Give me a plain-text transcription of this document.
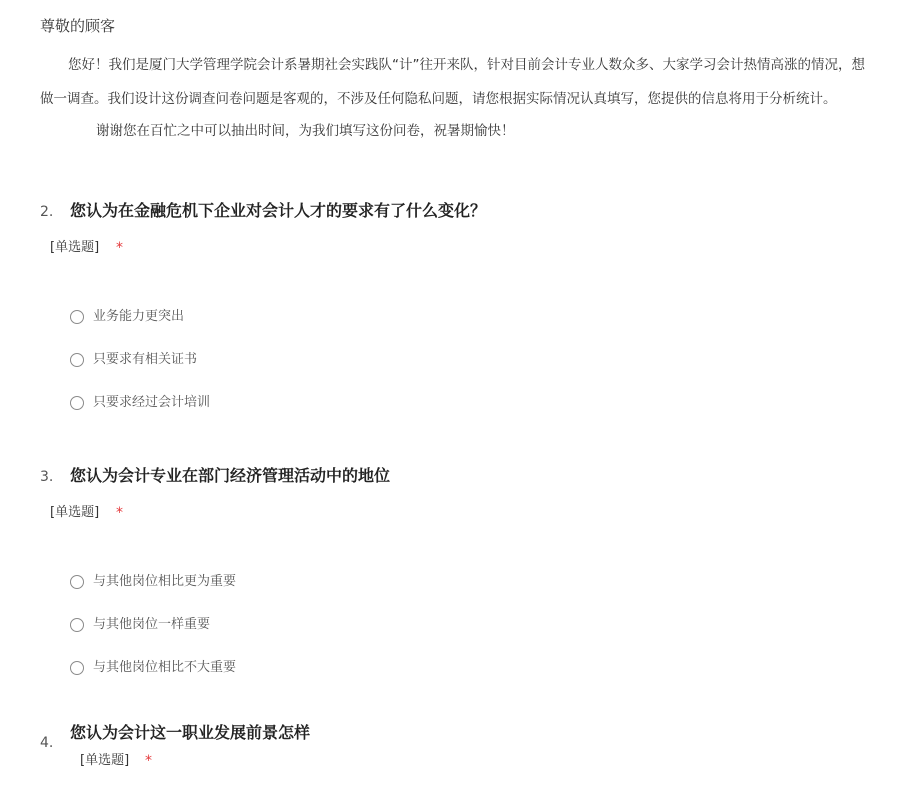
尊敬的顾客
您好！我们是厦门大学管理学院会计系暑期社会实践队“计”往开来队，针对目前会计专业人数众多、大家学习会计热情高涨的情况，想
做一调查。我们设计这份调查问卷问题是客观的，不涉及任何隐私问题，请您根据实际情况认真填写，您提供的信息将用于分析统计。
谢谢您在百忙之中可以抽出时间，为我们填写这份问卷，祝暑期愉快！
2. 您认为在金融危机下企业对会计人才的要求有了什么变化？
[单选题] *
业务能力更突出
只要求有相关证书
只要求经过会计培训
3. 您认为会计专业在部门经济管理活动中的地位
[单选题] *
与其他岗位相比更为重要
与其他岗位一样重要
与其他岗位相比不大重要
4.
您认为会计这一职业发展前景怎样
[单选题] *
